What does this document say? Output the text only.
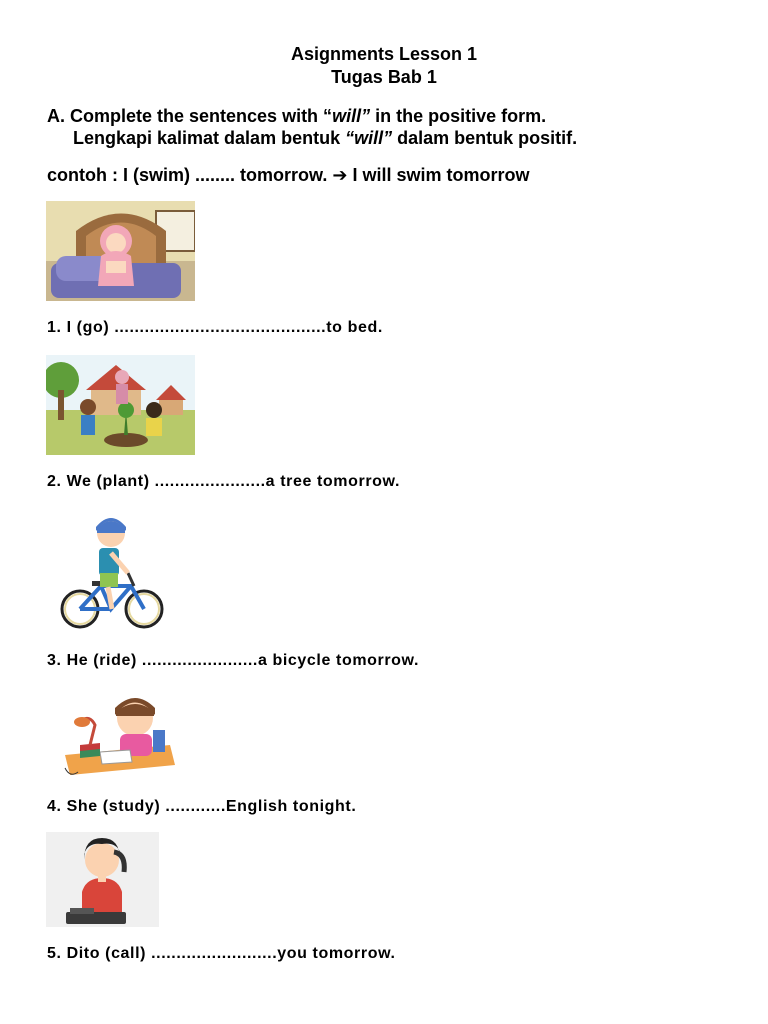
Asignments Lesson 1
Tugas Bab 1
A. Complete the sentences with “will” in the positive form.
Lengkapi kalimat dalam bentuk “will” dalam bentuk positif.
contoh : I (swim) ........ tomorrow. ➔ I will swim tomorrow
1. I (go) ..........................................to bed.
2. We (plant) ......................a tree tomorrow.
3. He (ride) .......................a bicycle tomorrow.
4. She (study) ............English tonight.
5. Dito (call) .........................you tomorrow.
